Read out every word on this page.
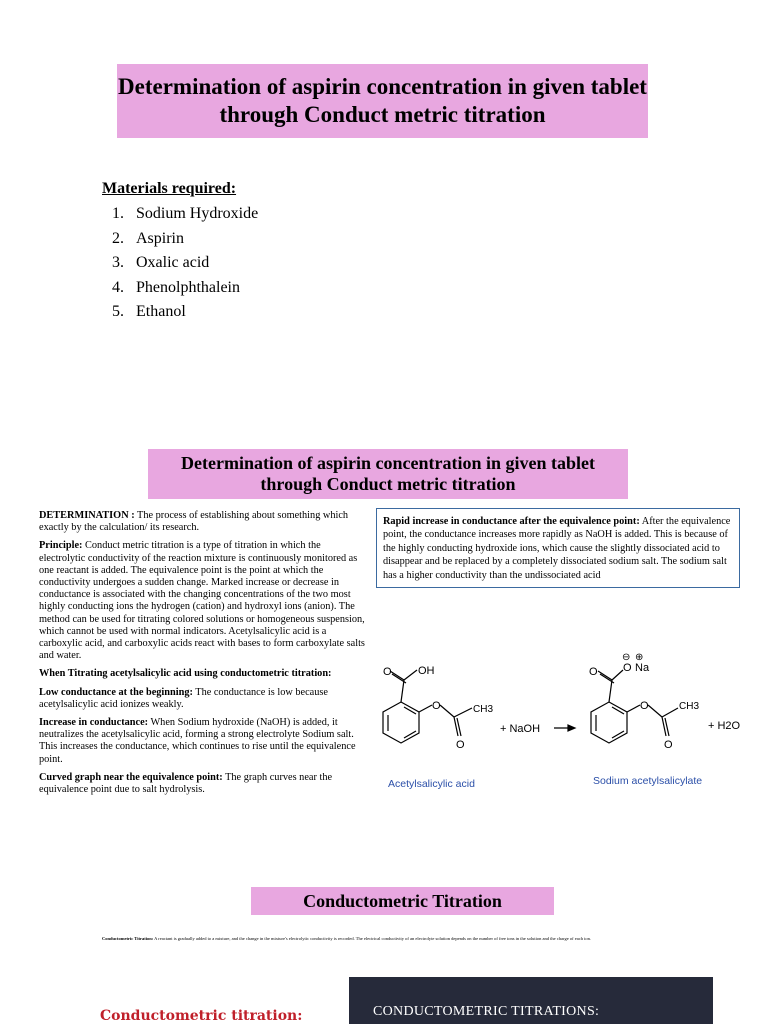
Determination of aspirin concentration in given tablet through Conduct metric titration
Materials required:
1. Sodium Hydroxide
2. Aspirin
3. Oxalic acid
4. Phenolphthalein
5. Ethanol
Determination of aspirin concentration in given tablet through Conduct metric titration

DETERMINATION : The process of establishing about something which exactly by the calculation/ its research.

Principle: Conduct metric titration is a type of titration in which the electrolytic conductivity of the reaction mixture is continuously monitored as one reactant is added. The equivalence point is the point at which the conductivity undergoes a sudden change. Marked increase or decrease in conductance is associated with the changing concentrations of the two most highly conducting ions the hydrogen (cation) and hydroxyl ions (anion). The method can be used for titrating colored solutions or homogeneous suspension, which cannot be used with normal indicators. Acetylsalicylic acid is a carboxylic acid, and carboxylic acids react with bases to form carboxylate salts and water.

When Titrating acetylsalicylic acid using conductometric titration:

Low conductance at the beginning: The conductance is low because acetylsalicylic acid ionizes weakly.

Increase in conductance: When Sodium hydroxide (NaOH) is added, it neutralizes the acetylsalicylic acid, forming a strong electrolyte Sodium salt. This increases the conductance, which continues to rise until the equivalence point.

Curved graph near the equivalence point: The graph curves near the equivalence point due to salt hydrolysis.

Rapid increase in conductance after the equivalence point: After the equivalence point, the conductance increases more rapidly as NaOH is added. This is because of the highly conducting hydroxide ions, which cause the slightly dissociated acid to disappear and be replaced by a completely dissociated sodium salt. The sodium salt has a higher conductivity than the undissociated acid
O OH
O	CH3
O
+ NaOH
O O Na
⊖ ⊕
O	CH3
O
+ H2O
Acetylsalicylic acid	Sodium acetylsalicylate
Conductometric Titration
Conductometric Titration: A reactant is gradually added to a mixture, and the change in the mixture's electrolytic conductivity is recorded. The electrical conductivity of an electrolyte solution depends on the number of free ions in the solution and the charge of each ion.
Conductometric titration:	CONDUCTOMETRIC TITRATIONS:
